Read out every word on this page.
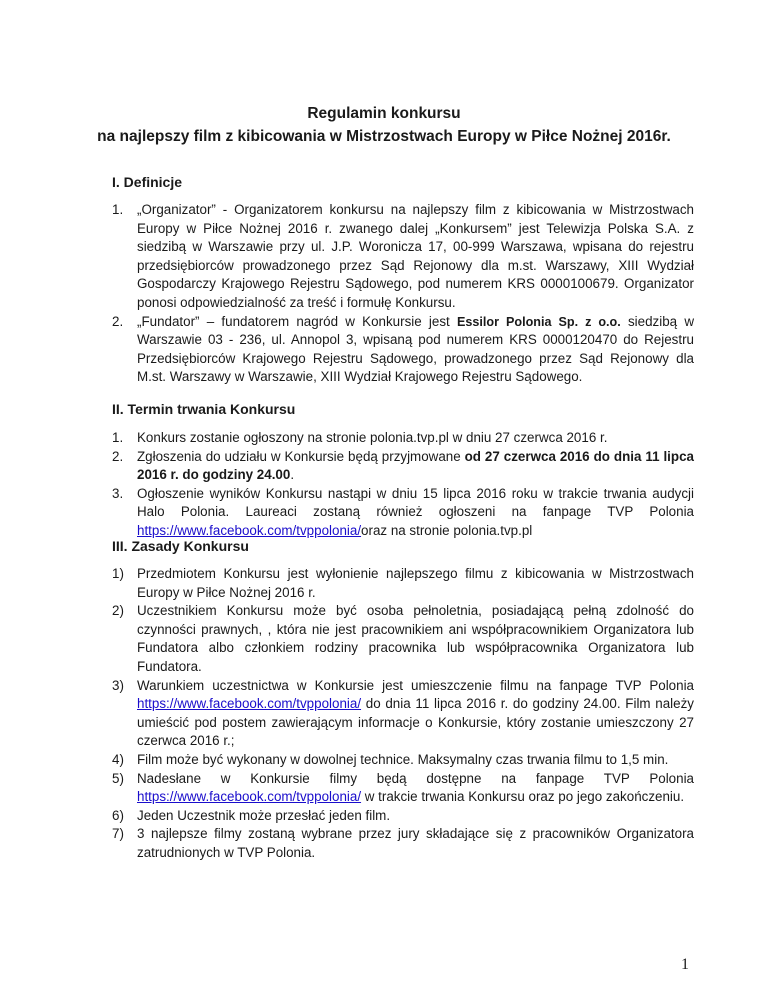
Regulamin konkursu
na najlepszy film z kibicowania w Mistrzostwach Europy w Piłce Nożnej 2016r.
I. Definicje
1. „Organizator” - Organizatorem konkursu na najlepszy film z kibicowania w Mistrzostwach Europy w Piłce Nożnej 2016 r. zwanego dalej „Konkursem” jest Telewizja Polska S.A. z siedzibą w Warszawie przy ul. J.P. Woronicza 17, 00-999 Warszawa, wpisana do rejestru przedsiębiorców prowadzonego przez Sąd Rejonowy dla m.st. Warszawy, XIII Wydział Gospodarczy Krajowego Rejestru Sądowego, pod numerem KRS 0000100679. Organizator ponosi odpowiedzialność za treść i formułę Konkursu.
2. „Fundator” – fundatorem nagród w Konkursie jest Essilor Polonia Sp. z o.o. siedzibą w Warszawie 03 - 236, ul. Annopol 3, wpisaną pod numerem KRS 0000120470 do Rejestru Przedsiębiorców Krajowego Rejestru Sądowego, prowadzonego przez Sąd Rejonowy dla M.st. Warszawy w Warszawie, XIII Wydział Krajowego Rejestru Sądowego.
II. Termin trwania Konkursu
1. Konkurs zostanie ogłoszony na stronie polonia.tvp.pl w dniu 27 czerwca 2016 r.
2. Zgłoszenia do udziału w Konkursie będą przyjmowane od 27 czerwca 2016 do dnia 11 lipca 2016 r. do godziny 24.00.
3. Ogłoszenie wyników Konkursu nastąpi w dniu 15 lipca 2016 roku w trakcie trwania audycji Halo Polonia. Laureaci zostaną również ogłoszeni na fanpage TVP Polonia https://www.facebook.com/tvppolonia/oraz na stronie polonia.tvp.pl
III. Zasady Konkursu
1) Przedmiotem Konkursu jest wyłonienie najlepszego filmu z kibicowania w Mistrzostwach Europy w Piłce Nożnej 2016 r.
2) Uczestnikiem Konkursu może być osoba pełnoletnia, posiadającą pełną zdolność do czynności prawnych, , która nie jest pracownikiem ani współpracownikiem Organizatora lub Fundatora albo członkiem rodziny pracownika lub współpracownika Organizatora lub Fundatora.
3) Warunkiem uczestnictwa w Konkursie jest umieszczenie filmu na fanpage TVP Polonia https://www.facebook.com/tvppolonia/ do dnia 11 lipca 2016 r. do godziny 24.00. Film należy umieścić pod postem zawierającym informacje o Konkursie, który zostanie umieszczony 27 czerwca 2016 r.;
4) Film może być wykonany w dowolnej technice. Maksymalny czas trwania filmu to 1,5 min.
5) Nadesłane w Konkursie filmy będą dostępne na fanpage TVP Polonia https://www.facebook.com/tvppolonia/ w trakcie trwania Konkursu oraz po jego zakończeniu.
6) Jeden Uczestnik może przesłać jeden film.
7) 3 najlepsze filmy zostaną wybrane przez jury składające się z pracowników Organizatora zatrudnionych w TVP Polonia.
1
